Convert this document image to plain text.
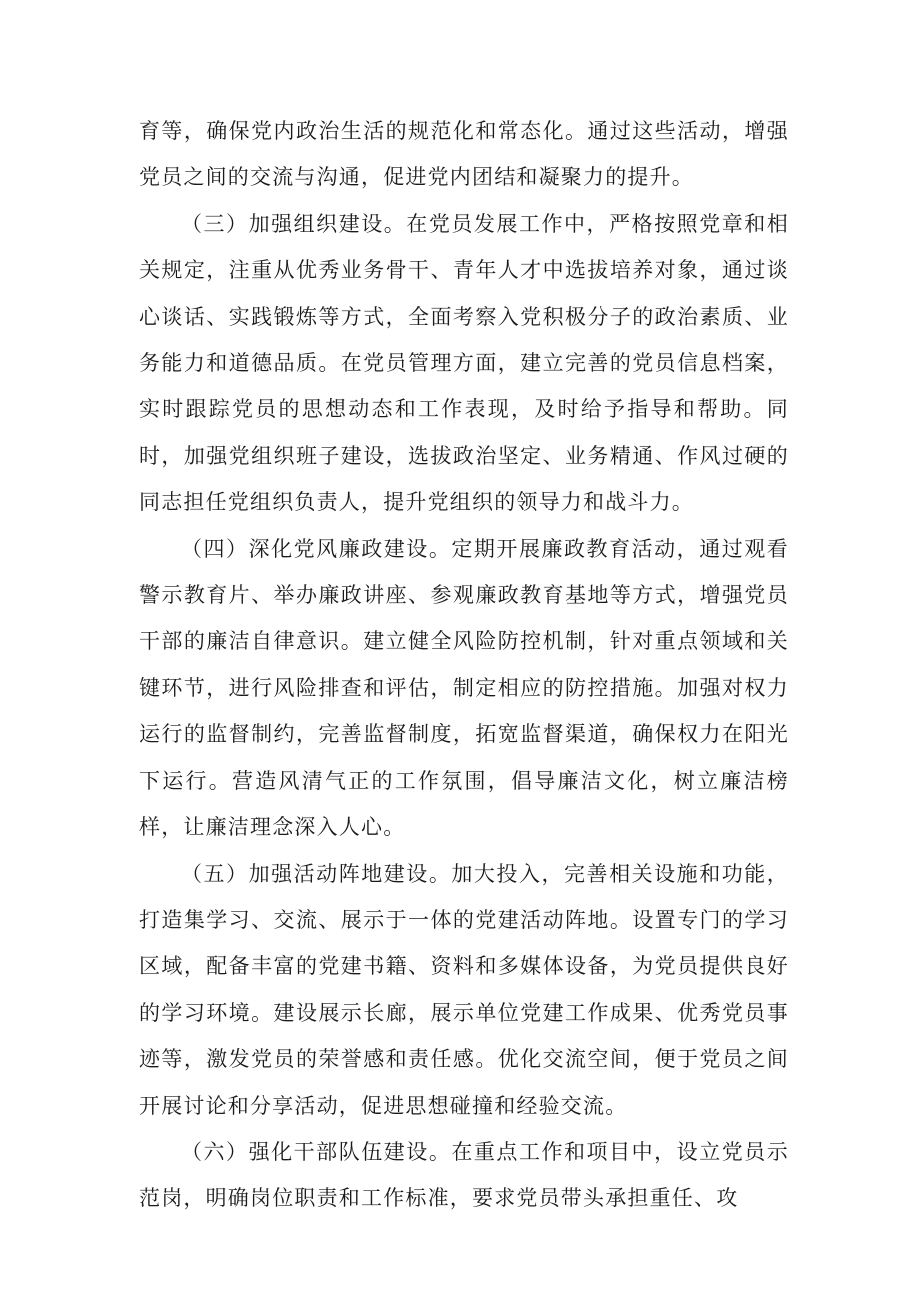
育等，确保党内政治生活的规范化和常态化。通过这些活动，增强党员之间的交流与沟通，促进党内团结和凝聚力的提升。

（三）加强组织建设。在党员发展工作中，严格按照党章和相关规定，注重从优秀业务骨干、青年人才中选拔培养对象，通过谈心谈话、实践锻炼等方式，全面考察入党积极分子的政治素质、业务能力和道德品质。在党员管理方面，建立完善的党员信息档案，实时跟踪党员的思想动态和工作表现，及时给予指导和帮助。同时，加强党组织班子建设，选拔政治坚定、业务精通、作风过硬的同志担任党组织负责人，提升党组织的领导力和战斗力。

（四）深化党风廉政建设。定期开展廉政教育活动，通过观看警示教育片、举办廉政讲座、参观廉政教育基地等方式，增强党员干部的廉洁自律意识。建立健全风险防控机制，针对重点领域和关键环节，进行风险排查和评估，制定相应的防控措施。加强对权力运行的监督制约，完善监督制度，拓宽监督渠道，确保权力在阳光下运行。营造风清气正的工作氛围，倡导廉洁文化，树立廉洁榜样，让廉洁理念深入人心。

（五）加强活动阵地建设。加大投入，完善相关设施和功能，打造集学习、交流、展示于一体的党建活动阵地。设置专门的学习区域，配备丰富的党建书籍、资料和多媒体设备，为党员提供良好的学习环境。建设展示长廊，展示单位党建工作成果、优秀党员事迹等，激发党员的荣誉感和责任感。优化交流空间，便于党员之间开展讨论和分享活动，促进思想碰撞和经验交流。

（六）强化干部队伍建设。在重点工作和项目中，设立党员示范岗，明确岗位职责和工作标准，要求党员带头承担重任、攻
